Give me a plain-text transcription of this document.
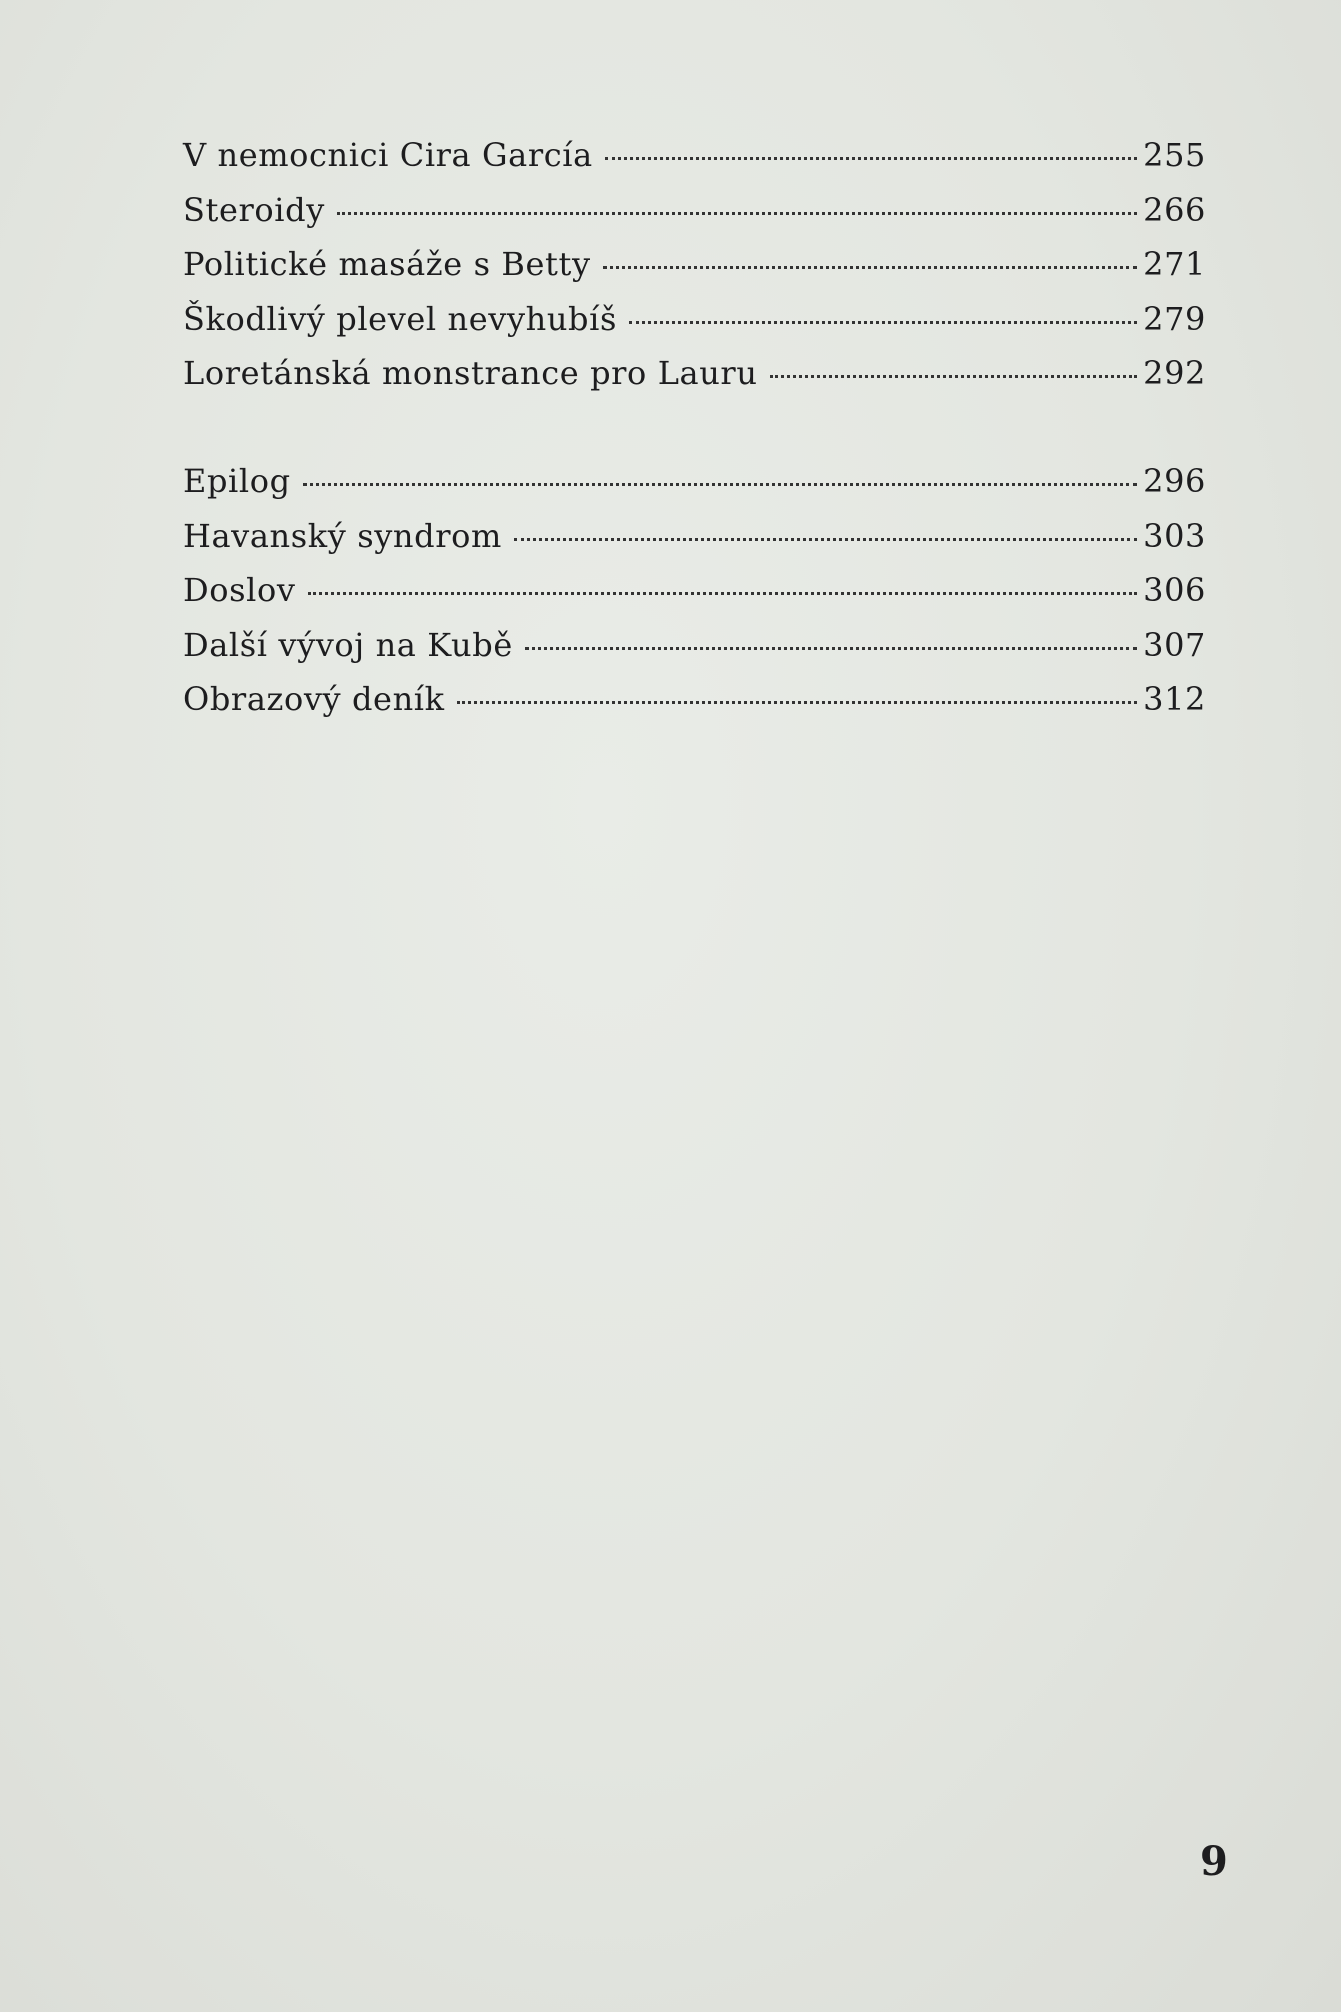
V nemocnici Cira García	255
Steroidy	266
Politické masáže s Betty	271
Škodlivý plevel nevyhubíš	279
Loretánská monstrance pro Lauru	292
Epilog	296
Havanský syndrom	303
Doslov	306
Další vývoj na Kubě	307
Obrazový deník	312
9
